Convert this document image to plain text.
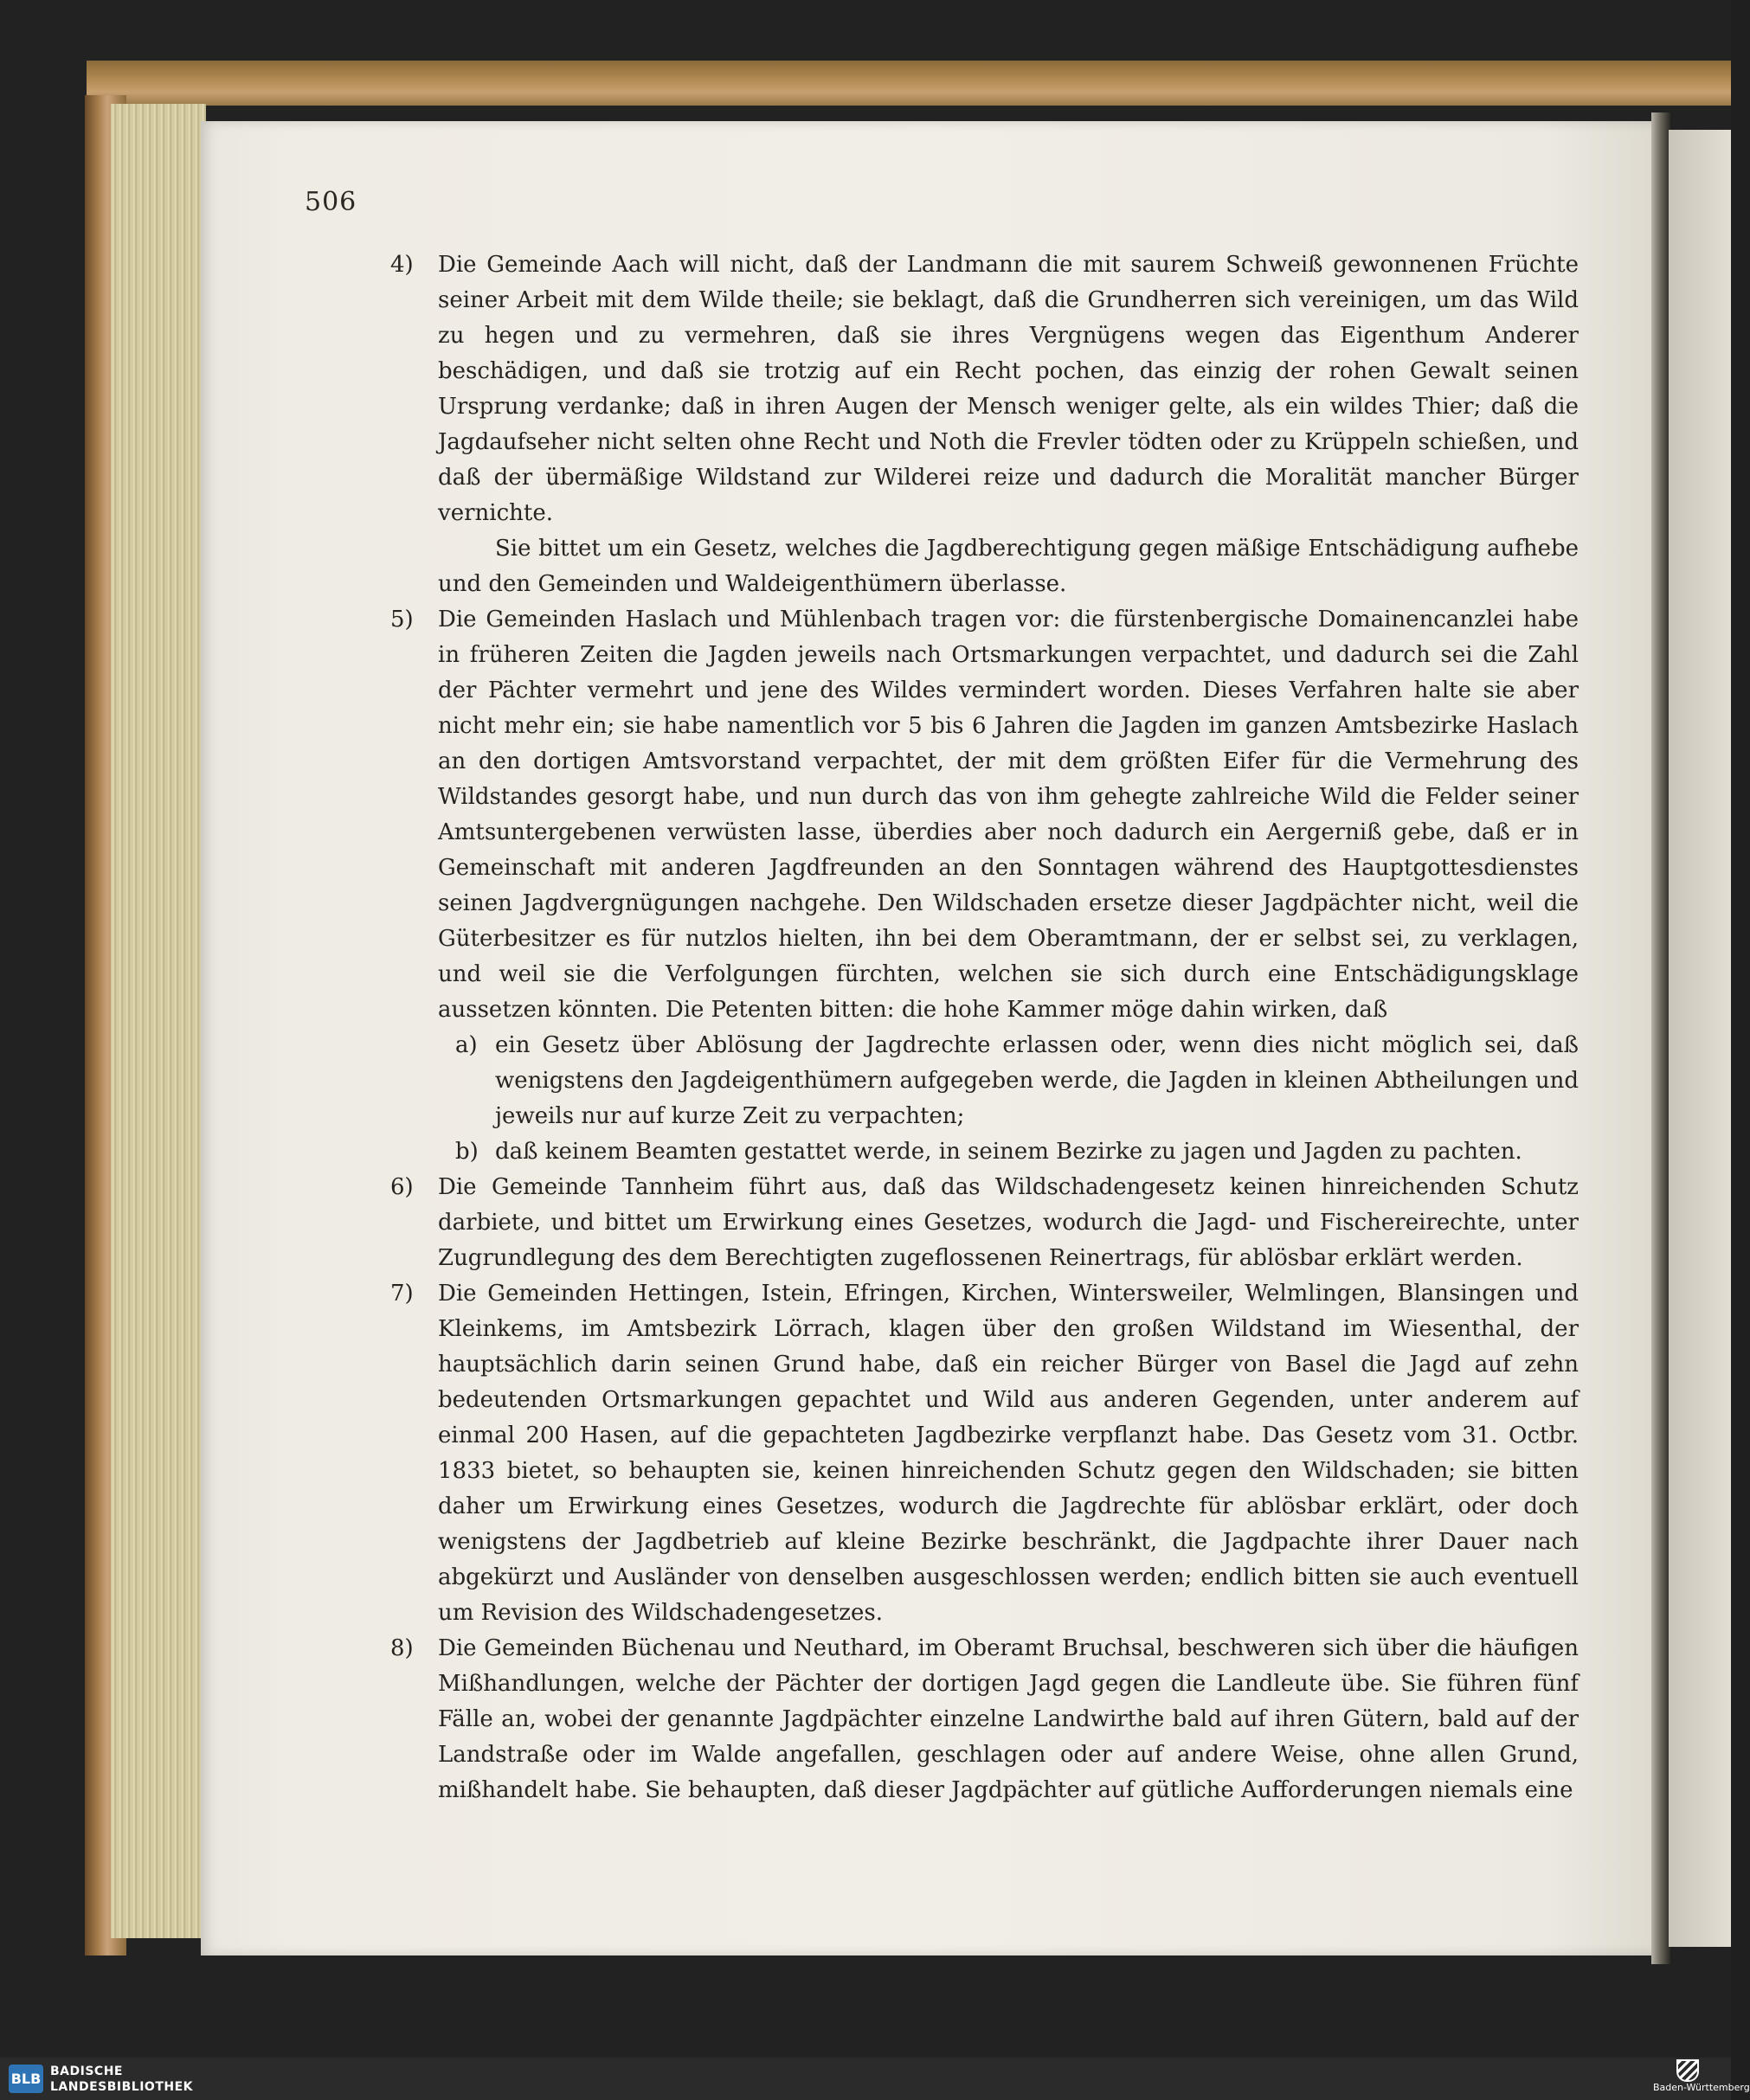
506
4)	Die Gemeinde Aach will nicht, daß der Landmann die mit saurem Schweiß gewonnenen Früchte seiner Arbeit mit dem Wilde theile; sie beklagt, daß die Grundherren sich vereinigen, um das Wild zu hegen und zu vermehren, daß sie ihres Vergnügens wegen das Eigenthum Anderer beschädigen, und daß sie trotzig auf ein Recht pochen, das einzig der rohen Gewalt seinen Ursprung verdanke; daß in ihren Augen der Mensch weniger gelte, als ein wildes Thier; daß die Jagdaufseher nicht selten ohne Recht und Noth die Frevler tödten oder zu Krüppeln schießen, und daß der übermäßige Wildstand zur Wilderei reize und dadurch die Moralität mancher Bürger vernichte.

Sie bittet um ein Gesetz, welches die Jagdberechtigung gegen mäßige Entschädigung aufhebe und den Gemeinden und Waldeigenthümern überlasse.

5)	Die Gemeinden Haslach und Mühlenbach tragen vor: die fürstenbergische Domainencanzlei habe in früheren Zeiten die Jagden jeweils nach Ortsmarkungen verpachtet, und dadurch sei die Zahl der Pächter vermehrt und jene des Wildes vermindert worden. Dieses Verfahren halte sie aber nicht mehr ein; sie habe namentlich vor 5 bis 6 Jahren die Jagden im ganzen Amtsbezirke Haslach an den dortigen Amtsvorstand verpachtet, der mit dem größten Eifer für die Vermehrung des Wildstandes gesorgt habe, und nun durch das von ihm gehegte zahlreiche Wild die Felder seiner Amtsuntergebenen verwüsten lasse, überdies aber noch dadurch ein Aergerniß gebe, daß er in Gemeinschaft mit anderen Jagdfreunden an den Sonntagen während des Hauptgottesdienstes seinen Jagdvergnügungen nachgehe. Den Wildschaden ersetze dieser Jagdpächter nicht, weil die Güterbesitzer es für nutzlos hielten, ihn bei dem Oberamtmann, der er selbst sei, zu verklagen, und weil sie die Verfolgungen fürchten, welchen sie sich durch eine Entschädigungsklage aussetzen könnten. Die Petenten bitten: die hohe Kammer möge dahin wirken, daß

a) ein Gesetz über Ablösung der Jagdrechte erlassen oder, wenn dies nicht möglich sei, daß wenigstens den Jagdeigenthümern aufgegeben werde, die Jagden in kleinen Abtheilungen und jeweils nur auf kurze Zeit zu verpachten;

b) daß keinem Beamten gestattet werde, in seinem Bezirke zu jagen und Jagden zu pachten.

6)	Die Gemeinde Tannheim führt aus, daß das Wildschadengesetz keinen hinreichenden Schutz darbiete, und bittet um Erwirkung eines Gesetzes, wodurch die Jagd- und Fischereirechte, unter Zugrundlegung des dem Berechtigten zugeflossenen Reinertrags, für ablösbar erklärt werden.

7)	Die Gemeinden Hettingen, Istein, Efringen, Kirchen, Wintersweiler, Welmlingen, Blansingen und Kleinkems, im Amtsbezirk Lörrach, klagen über den großen Wildstand im Wiesenthal, der hauptsächlich darin seinen Grund habe, daß ein reicher Bürger von Basel die Jagd auf zehn bedeutenden Ortsmarkungen gepachtet und Wild aus anderen Gegenden, unter anderem auf einmal 200 Hasen, auf die gepachteten Jagdbezirke verpflanzt habe. Das Gesetz vom 31. Octbr. 1833 bietet, so behaupten sie, keinen hinreichenden Schutz gegen den Wildschaden; sie bitten daher um Erwirkung eines Gesetzes, wodurch die Jagdrechte für ablösbar erklärt, oder doch wenigstens der Jagdbetrieb auf kleine Bezirke beschränkt, die Jagdpachte ihrer Dauer nach abgekürzt und Ausländer von denselben ausgeschlossen werden; endlich bitten sie auch eventuell um Revision des Wildschadengesetzes.

8)	Die Gemeinden Büchenau und Neuthard, im Oberamt Bruchsal, beschweren sich über die häufigen Mißhandlungen, welche der Pächter der dortigen Jagd gegen die Landleute übe. Sie führen fünf Fälle an, wobei der genannte Jagdpächter einzelne Landwirthe bald auf ihren Gütern, bald auf der Landstraße oder im Walde angefallen, geschlagen oder auf andere Weise, ohne allen Grund, mißhandelt habe. Sie behaupten, daß dieser Jagdpächter auf gütliche Aufforderungen niemals eine

BLB BADISCHE
LANDESBIBLIOTHEK	Baden-Württemberg
